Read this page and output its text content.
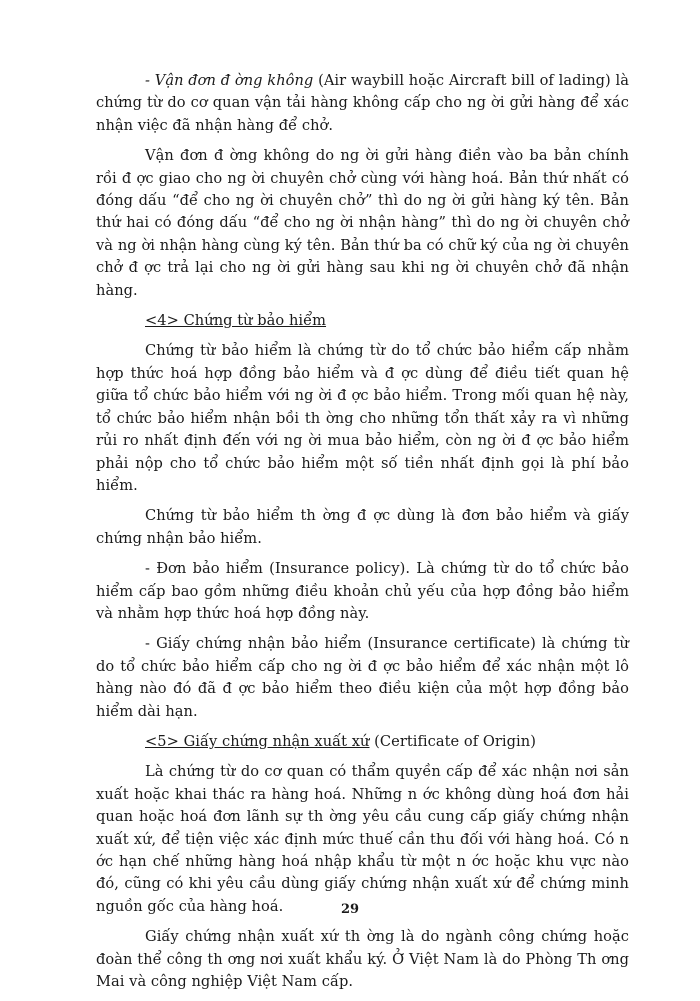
- Vận đơn đ ờng không (Air waybill hoặc Aircraft bill of lading) là chứng từ do cơ quan vận tải hàng không cấp cho ng ời gửi hàng để xác nhận việc đã nhận hàng để chở.

Vận đơn đ ờng không do ng ời gửi hàng điền vào ba bản chính rồi đ ợc giao cho ng ời chuyên chở cùng với hàng hoá. Bản thứ nhất có đóng dấu “để cho ng ời chuyên chở” thì do ng ời gửi hàng ký tên. Bản thứ hai có đóng dấu “để cho ng ời nhận hàng” thì do ng ời chuyên chở và ng ời nhận hàng cùng ký tên. Bản thứ ba có chữ ký của ng ời chuyên chở đ ợc trả lại cho ng ời gửi hàng sau khi ng ời chuyên chở đã nhận hàng.

<4> Chứng từ bảo hiểm

Chứng từ bảo hiểm là chứng từ do tổ chức bảo hiểm cấp nhằm hợp thức hoá hợp đồng bảo hiểm và đ ợc dùng để điều tiết quan hệ giữa tổ chức bảo hiểm với ng ời đ ợc bảo hiểm. Trong mối quan hệ này, tổ chức bảo hiểm nhận bồi th ờng cho những tổn thất xảy ra vì những rủi ro nhất định đến với ng ời mua bảo hiểm, còn ng ời đ ợc bảo hiểm phải nộp cho tổ chức bảo hiểm một số tiền nhất định gọi là phí bảo hiểm.

Chứng từ bảo hiểm th ờng đ ợc dùng là đơn bảo hiểm và giấy chứng nhận bảo hiểm.

- Đơn bảo hiểm (Insurance policy). Là chứng từ do tổ chức bảo hiểm cấp bao gồm những điều khoản chủ yếu của hợp đồng bảo hiểm và nhằm hợp thức hoá hợp đồng này.

- Giấy chứng nhận bảo hiểm (Insurance certificate) là chứng từ do tổ chức bảo hiểm cấp cho ng ời đ ợc bảo hiểm để xác nhận một lô hàng nào đó đã đ ợc bảo hiểm theo điều kiện của một hợp đồng bảo hiểm dài hạn.

<5> Giấy chứng nhận xuất xứ (Certificate of Origin)

Là chứng từ do cơ quan có thẩm quyền cấp để xác nhận nơi sản xuất hoặc khai thác ra hàng hoá. Những n ớc không dùng hoá đơn hải quan hoặc hoá đơn lãnh sự th ờng yêu cầu cung cấp giấy chứng nhận xuất xứ, để tiện việc xác định mức thuế cần thu đối với hàng hoá. Có n ớc hạn chế những hàng hoá nhập khẩu từ một n ớc hoặc khu vực nào đó, cũng có khi yêu cầu dùng giấy chứng nhận xuất xứ để chứng minh nguồn gốc của hàng hoá.

Giấy chứng nhận xuất xứ th ờng là do ngành công chứng hoặc đoàn thể công th ơng nơi xuất khẩu ký. Ở Việt Nam là do Phòng Th ơng Mai và công nghiệp Việt Nam cấp.

29
